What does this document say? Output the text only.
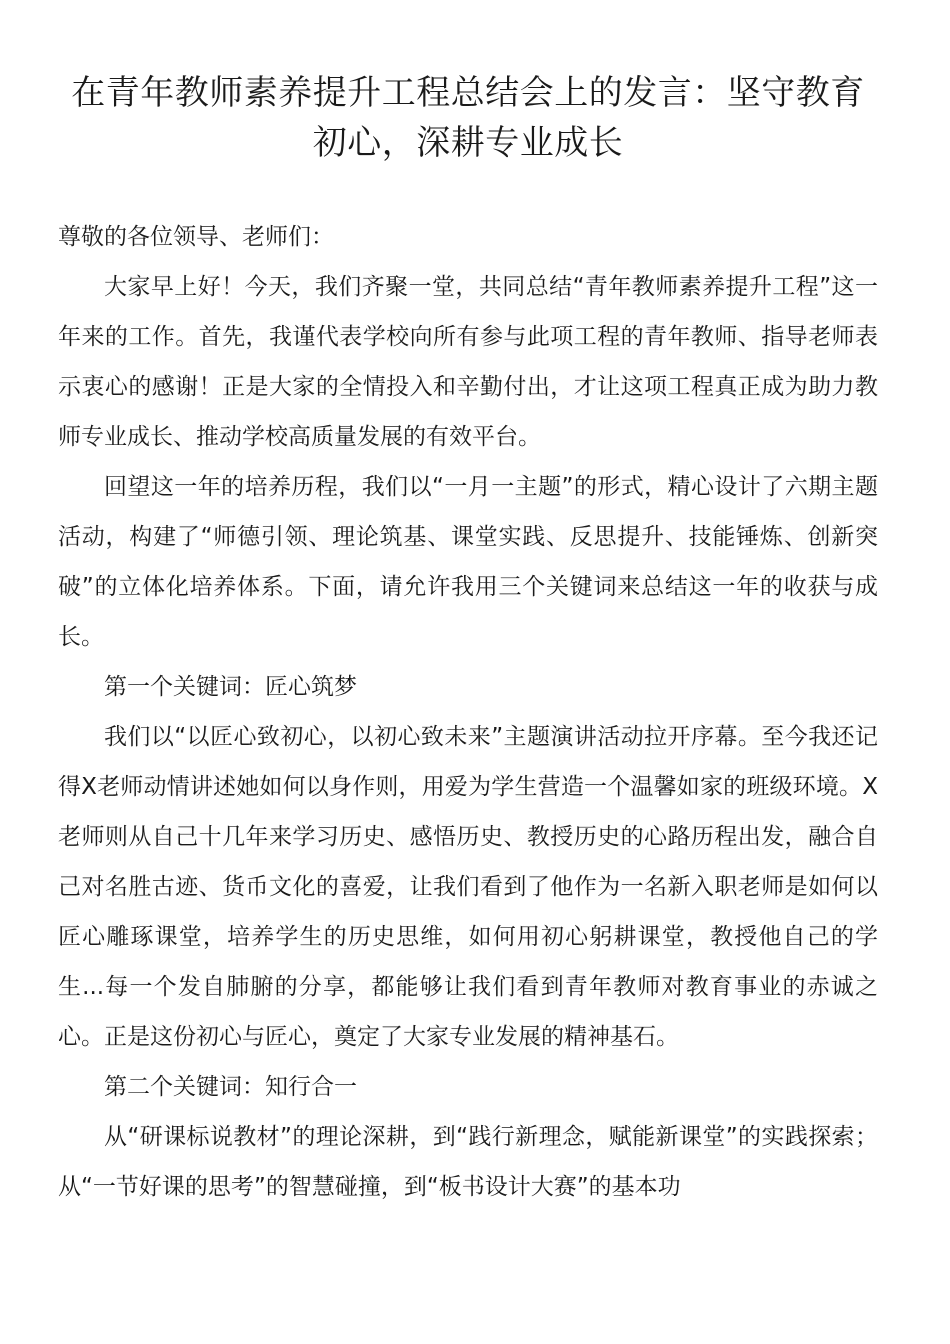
在青年教师素养提升工程总结会上的发言：坚守教育初心，深耕专业成长

尊敬的各位领导、老师们：

大家早上好！今天，我们齐聚一堂，共同总结“青年教师素养提升工程”这一年来的工作。首先，我谨代表学校向所有参与此项工程的青年教师、指导老师表示衷心的感谢！正是大家的全情投入和辛勤付出，才让这项工程真正成为助力教师专业成长、推动学校高质量发展的有效平台。

回望这一年的培养历程，我们以“一月一主题”的形式，精心设计了六期主题活动，构建了“师德引领、理论筑基、课堂实践、反思提升、技能锤炼、创新突破”的立体化培养体系。下面，请允许我用三个关键词来总结这一年的收获与成长。

第一个关键词：匠心筑梦

我们以“以匠心致初心，以初心致未来”主题演讲活动拉开序幕。至今我还记得X老师动情讲述她如何以身作则，用爱为学生营造一个温馨如家的班级环境。X老师则从自己十几年来学习历史、感悟历史、教授历史的心路历程出发，融合自己对名胜古迹、货币文化的喜爱，让我们看到了他作为一名新入职老师是如何以匠心雕琢课堂，培养学生的历史思维，如何用初心躬耕课堂，教授他自己的学生...每一个发自肺腑的分享，都能够让我们看到青年教师对教育事业的赤诚之心。正是这份初心与匠心，奠定了大家专业发展的精神基石。

第二个关键词：知行合一

从“研课标说教材”的理论深耕，到“践行新理念，赋能新课堂”的实践探索；从“一节好课的思考”的智慧碰撞，到“板书设计大赛”的基本功
